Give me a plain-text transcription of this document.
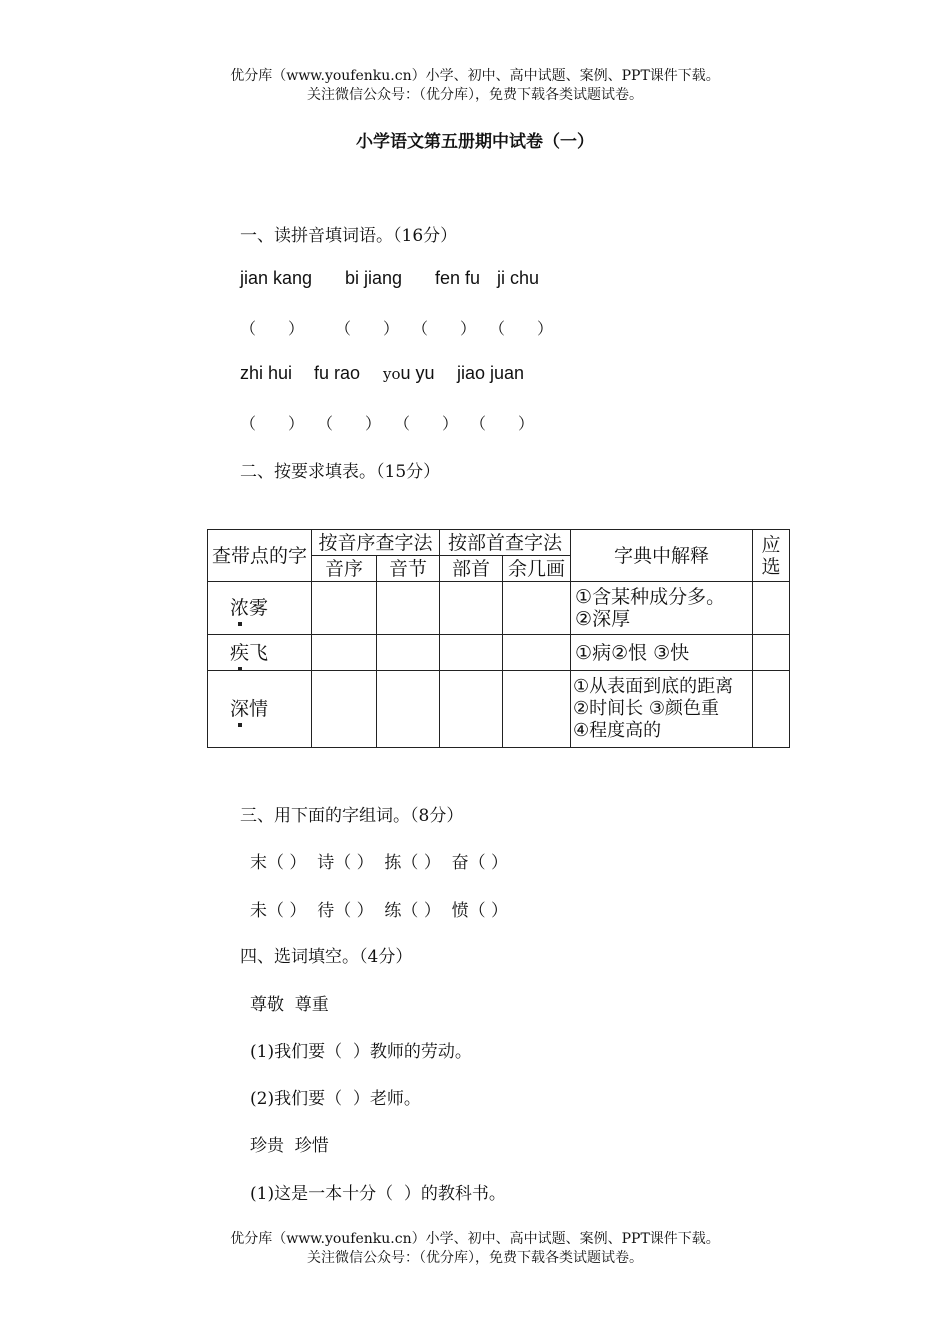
优分库（www.youfenku.cn）小学、初中、高中试题、案例、PPT课件下载。
关注微信公众号：（优分库），免费下载各类试题试卷。
小学语文第五册期中试卷（一）
一、读拼音填词语。（16分）
jian kang bi jiang fen fu ji chu
（　　） （　　） （　　） （　　）
zhi hui fu rao you yu jiao juan
（　　） （　　） （　　） （　　）
二、按要求填表。（15分）
查带点的字	按音序查字法		按部首查字法		字典中解释	应选
	音序	音节	部首	余几画		
浓雾					①含某种成分多。
②深厚	

疾飞					①病②恨 ③快	

深情					①从表面到底的距离
②时间长 ③颜色重
④程度高的	

三、用下面的字组词。（8分）
末（ ）  诗（ ）  拣（ ）  奋（ ）
未（ ）  待（ ）  练（ ）  愤（ ）
四、选词填空。（4分）
尊敬  尊重
(1)我们要（  ）教师的劳动。
(2)我们要（  ）老师。
珍贵  珍惜
(1)这是一本十分（  ）的教科书。
优分库（www.youfenku.cn）小学、初中、高中试题、案例、PPT课件下载。
关注微信公众号：（优分库），免费下载各类试题试卷。
